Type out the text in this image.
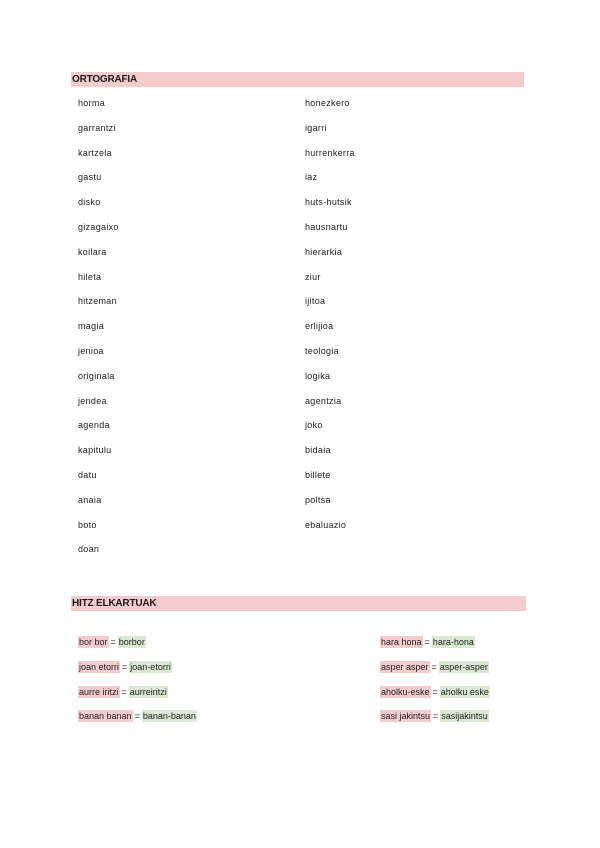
ORTOGRAFIA
horma
garrantzi
kartzela
gastu
disko
gizagaixo
koilara
hileta
hitzeman
magia
jenioa
originala
jendea
agenda
kapitulu
datu
anaia
boto
doan
honezkero
igarri
hurrenkerra
iaz
huts-hutsik
hausnartu
hierarkia
ziur
ijitoa
erlijioa
teologia
logika
agentzia
joko
bidaia
billete
poltsa
ebaluazio
HITZ ELKARTUAK
bor bor = borbor
joan etorri = joan-etorri
aurre iritzi = aurreiritzi
banan banan = banan-banan
hara hona = hara-hona
asper asper = asper-asper
aholku-eske = aholku eske
sasi jakintsu = sasijakintsu
